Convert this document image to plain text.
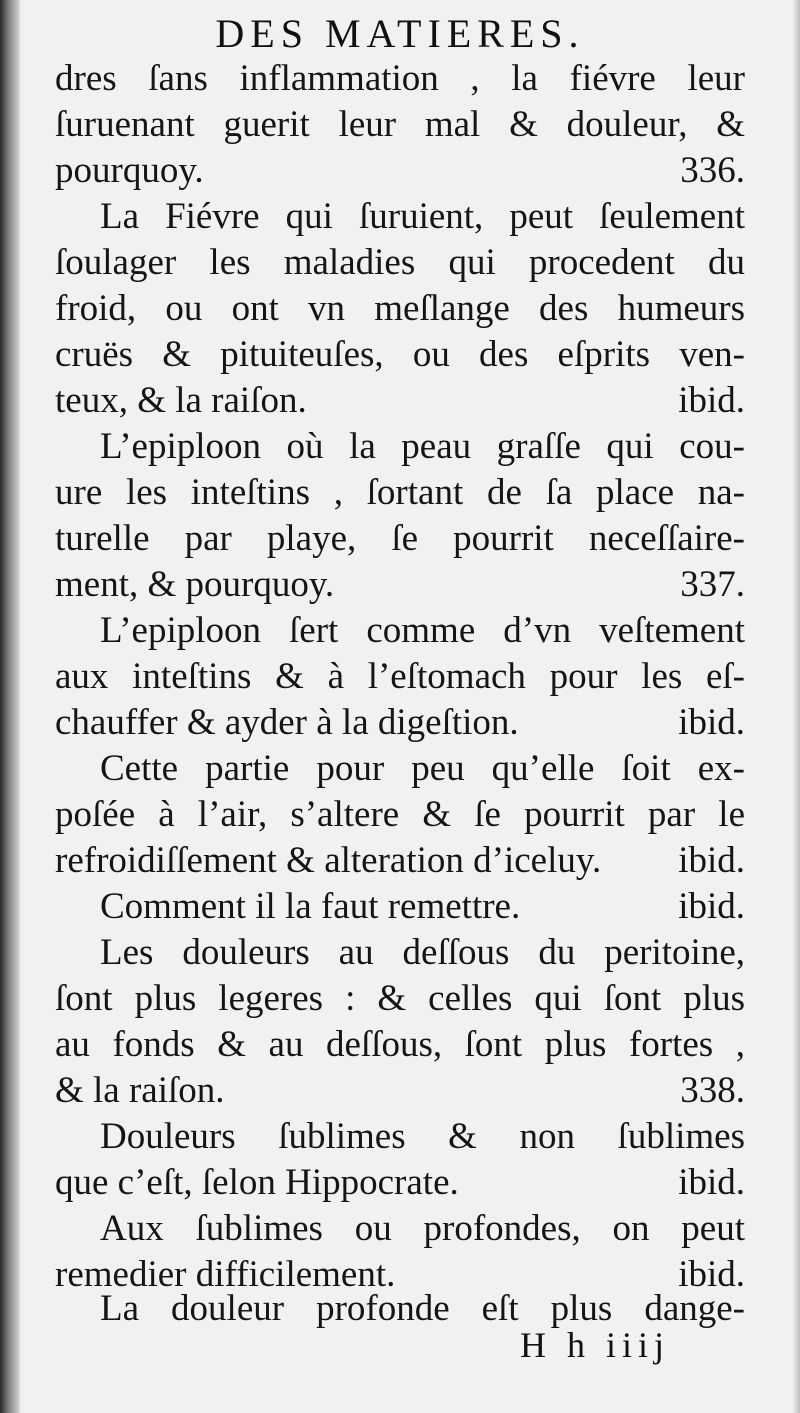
DES MATIERES.
dres ſans inflammation , la fiévre leur
ſuruenant guerit leur mal & douleur, &
pourquoy.	336.
La Fiévre qui ſuruient, peut ſeulement
ſoulager les maladies qui procedent du
froid, ou ont vn meſlange des humeurs
cruës & pituiteuſes, ou des eſprits ven-
teux, & la raiſon.	ibid.
L’epiploon où la peau graſſe qui cou-
ure les inteſtins , ſortant de ſa place na-
turelle par playe, ſe pourrit neceſſaire-
ment, & pourquoy.	337.
L’epiploon ſert comme d’vn veſtement
aux inteſtins & à l’eſtomach pour les eſ-
chauffer & ayder à la digeſtion.	ibid.
Cette partie pour peu qu’elle ſoit ex-
poſée à l’air, s’altere & ſe pourrit par le
refroidiſſement & alteration d’iceluy. ibid.
Comment il la faut remettre.	ibid.
Les douleurs au deſſous du peritoine,
ſont plus legeres : & celles qui ſont plus
au fonds & au deſſous, ſont plus fortes ,
& la raiſon.	338.
Douleurs ſublimes & non ſublimes
que c’eſt, ſelon Hippocrate.	ibid.
Aux ſublimes ou profondes, on peut
remedier difficilement.	ibid.
La douleur profonde eſt plus dange-
H h iiij
